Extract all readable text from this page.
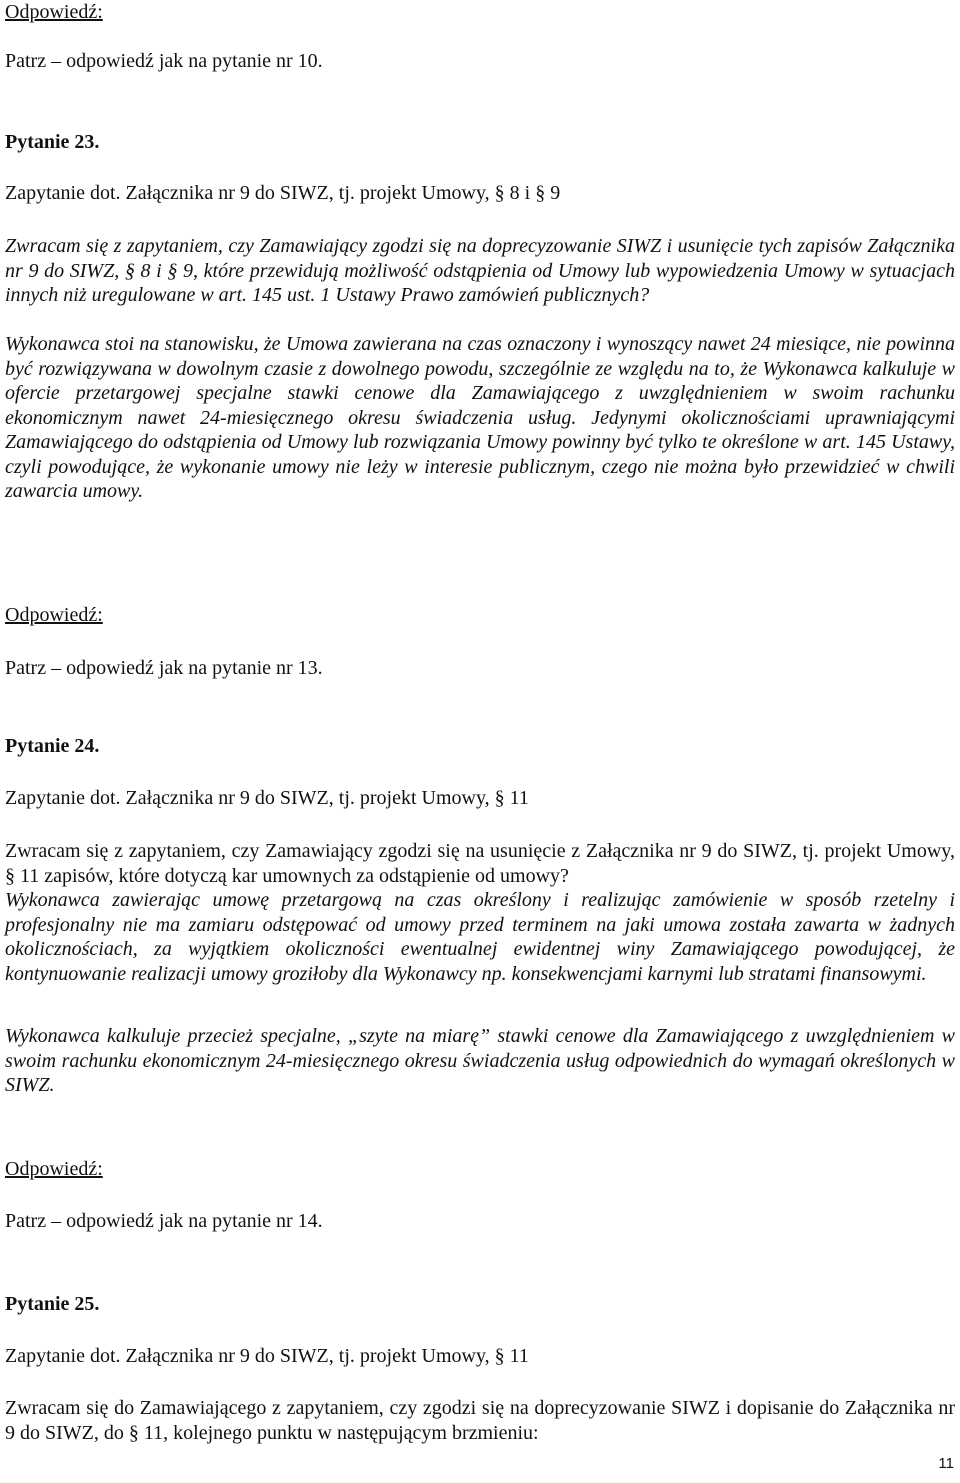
Odpowiedź:
Patrz – odpowiedź jak na pytanie nr 10.
Pytanie 23.
Zapytanie dot. Załącznika nr 9 do SIWZ, tj. projekt Umowy, § 8 i § 9
Zwracam się z zapytaniem, czy Zamawiający zgodzi się na doprecyzowanie SIWZ i usunięcie tych zapisów Załącznika nr 9 do SIWZ, § 8 i § 9, które przewidują możliwość odstąpienia od Umowy lub wypowiedzenia Umowy w sytuacjach innych niż uregulowane w art. 145 ust. 1 Ustawy Prawo zamówień publicznych?
Wykonawca stoi na stanowisku, że Umowa zawierana na czas oznaczony i wynoszący nawet 24 miesiące, nie powinna być rozwiązywana w dowolnym czasie z dowolnego powodu, szczególnie ze względu na to, że Wykonawca kalkuluje w ofercie przetargowej specjalne stawki cenowe dla Zamawiającego z uwzględnieniem w swoim rachunku ekonomicznym nawet 24-miesięcznego okresu świadczenia usług. Jedynymi okolicznościami uprawniającymi Zamawiającego do odstąpienia od Umowy lub rozwiązania Umowy powinny być tylko te określone w art. 145 Ustawy, czyli powodujące, że wykonanie umowy nie leży w interesie publicznym, czego nie można było przewidzieć w chwili zawarcia umowy.
Odpowiedź:
Patrz – odpowiedź jak na pytanie nr 13.
Pytanie 24.
Zapytanie dot. Załącznika nr 9 do SIWZ, tj. projekt Umowy, § 11
Zwracam się z zapytaniem, czy Zamawiający zgodzi się na usunięcie z Załącznika nr 9 do SIWZ, tj. projekt Umowy, § 11 zapisów, które dotyczą kar umownych za odstąpienie od umowy?
Wykonawca zawierając umowę przetargową na czas określony i realizując zamówienie w sposób rzetelny i profesjonalny nie ma zamiaru odstępować od umowy przed terminem na jaki umowa została zawarta w żadnych okolicznościach, za wyjątkiem okoliczności ewentualnej ewidentnej winy Zamawiającego powodującej, że kontynuowanie realizacji umowy groziłoby dla Wykonawcy np. konsekwencjami karnymi lub stratami finansowymi.
Wykonawca kalkuluje przecież specjalne, „szyte na miarę” stawki cenowe dla Zamawiającego z uwzględnieniem w swoim rachunku ekonomicznym 24-miesięcznego okresu świadczenia usług odpowiednich do wymagań określonych w SIWZ.
Odpowiedź:
Patrz – odpowiedź jak na pytanie nr 14.
Pytanie 25.
Zapytanie dot. Załącznika nr 9 do SIWZ, tj. projekt Umowy, § 11
Zwracam się do Zamawiającego z zapytaniem, czy zgodzi się na doprecyzowanie SIWZ i dopisanie do Załącznika nr 9 do SIWZ, do § 11, kolejnego punktu w następującym brzmieniu:
11
